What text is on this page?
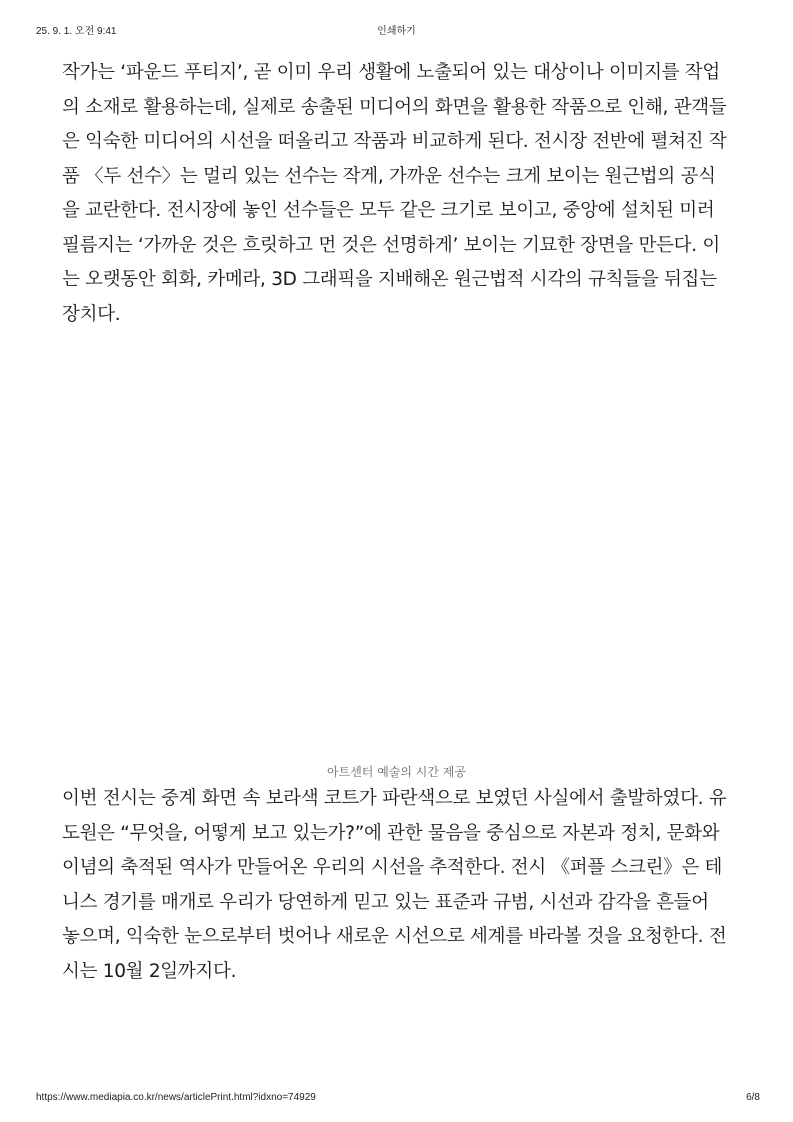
25. 9. 1. 오전 9:41	인쇄하기
작가는 ‘파운드 푸티지’, 곧 이미 우리 생활에 노출되어 있는 대상이나 이미지를 작업
의 소재로 활용하는데, 실제로 송출된 미디어의 화면을 활용한 작품으로 인해, 관객들
은 익숙한 미디어의 시선을 떠올리고 작품과 비교하게 된다. 전시장 전반에 펼쳐진 작
품 〈두 선수〉는 멀리 있는 선수는 작게, 가까운 선수는 크게 보이는 원근법의 공식
을 교란한다. 전시장에 놓인 선수들은 모두 같은 크기로 보이고, 중앙에 설치된 미러
필름지는 ‘가까운 것은 흐릿하고 먼 것은 선명하게’ 보이는 기묘한 장면을 만든다. 이
는 오랫동안 회화, 카메라, 3D 그래픽을 지배해온 원근법적 시각의 규칙들을 뒤집는
장치다.
아트센터 예술의 시간 제공
이번 전시는 중계 화면 속 보라색 코트가 파란색으로 보였던 사실에서 출발하였다. 유
도원은 “무엇을, 어떻게 보고 있는가?”에 관한 물음을 중심으로 자본과 정치, 문화와
이념의 축적된 역사가 만들어온 우리의 시선을 추적한다. 전시 《퍼플 스크린》은 테
니스 경기를 매개로 우리가 당연하게 믿고 있는 표준과 규범, 시선과 감각을 흔들어
놓으며, 익숙한 눈으로부터 벗어나 새로운 시선으로 세계를 바라볼 것을 요청한다. 전
시는 10월 2일까지다.
https://www.mediapia.co.kr/news/articlePrint.html?idxno=74929	6/8
